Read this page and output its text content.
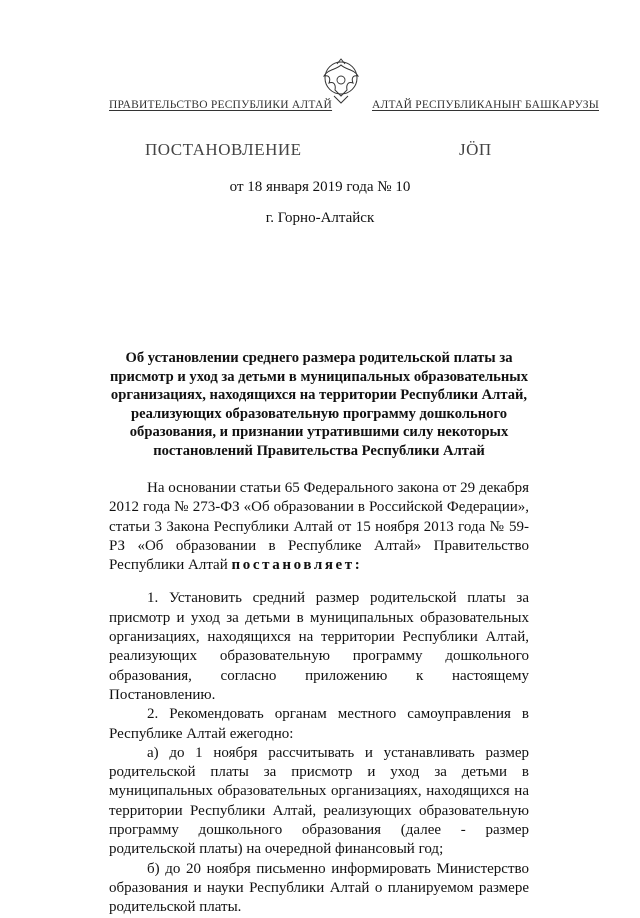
ПРАВИТЕЛЬСТВО РЕСПУБЛИКИ АЛТАЙ	АЛТАЙ РЕСПУБЛИКАНЫҤ БАШКАРУЗЫ
ПОСТАНОВЛЕНИЕ	ЈӦП
от 18 января 2019 года № 10
г. Горно-Алтайск
Об установлении среднего размера родительской платы за присмотр и уход за детьми в муниципальных образовательных организациях, находящихся на территории Республики Алтай, реализующих образовательную программу дошкольного образования, и признании утратившими силу некоторых постановлений Правительства Республики Алтай

На основании статьи 65 Федерального закона от 29 декабря 2012 года № 273-ФЗ «Об образовании в Российской Федерации», статьи 3 Закона Республики Алтай от 15 ноября 2013 года № 59-РЗ «Об образовании в Республике Алтай» Правительство Республики Алтай постановляет:

1. Установить средний размер родительской платы за присмотр и уход за детьми в муниципальных образовательных организациях, находящихся на территории Республики Алтай, реализующих образовательную программу дошкольного образования, согласно приложению к настоящему Постановлению.

2. Рекомендовать органам местного самоуправления в Республике Алтай ежегодно:

а) до 1 ноября рассчитывать и устанавливать размер родительской платы за присмотр и уход за детьми в муниципальных образовательных организациях, находящихся на территории Республики Алтай, реализующих образовательную программу дошкольного образования (далее - размер родительской платы) на очередной финансовый год;

б) до 20 ноября письменно информировать Министерство образования и науки Республики Алтай о планируемом размере родительской платы.
